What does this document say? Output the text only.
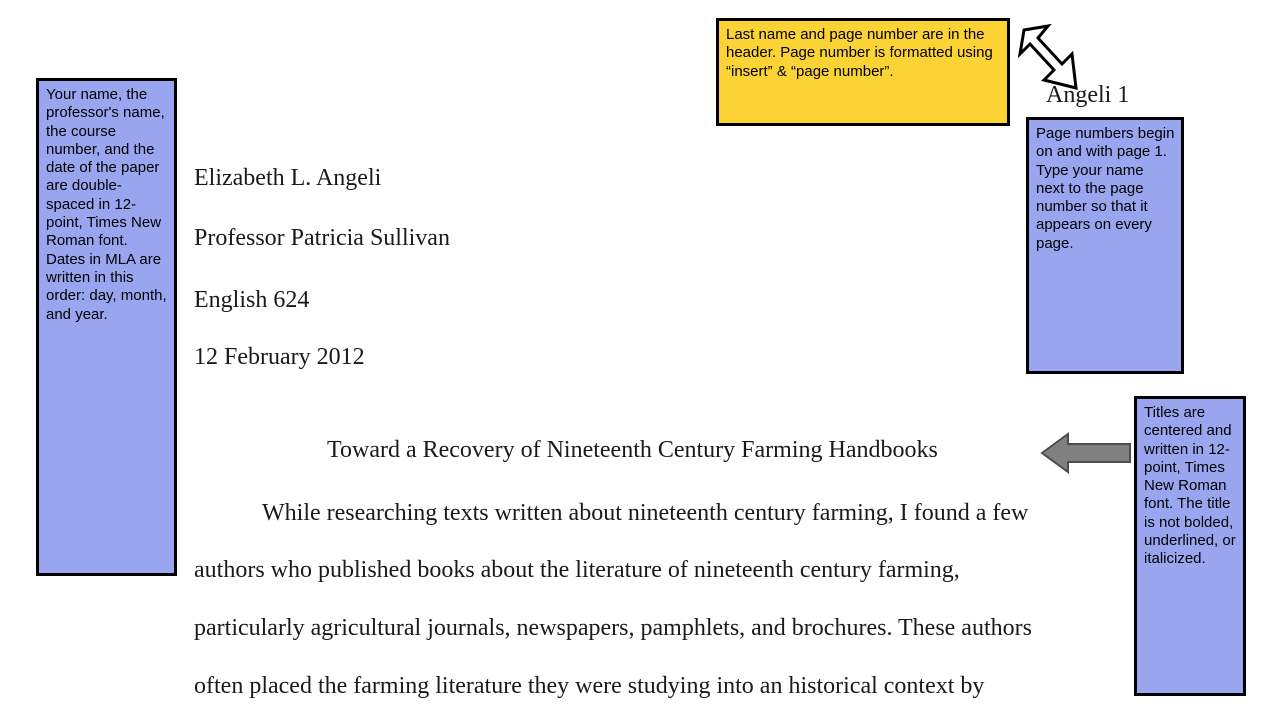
Your name, the professor's name, the course number, and the date of the paper are double-spaced in 12-point, Times New Roman font. Dates in MLA are written in this order: day, month, and year.
Last name and page number are in the header. Page number is formatted using “insert” & “page number”.
Angeli 1
Page numbers begin on and with page 1. Type your name next to the page number so that it appears on every page.
Titles are centered and written in 12-point, Times New Roman font. The title is not bolded, underlined, or italicized.
Elizabeth L. Angeli
Professor Patricia Sullivan
English 624
12 February 2012
Toward a Recovery of Nineteenth Century Farming Handbooks
While researching texts written about nineteenth century farming, I found a few
authors who published books about the literature of nineteenth century farming,
particularly agricultural journals, newspapers, pamphlets, and brochures. These authors
often placed the farming literature they were studying into an historical context by
